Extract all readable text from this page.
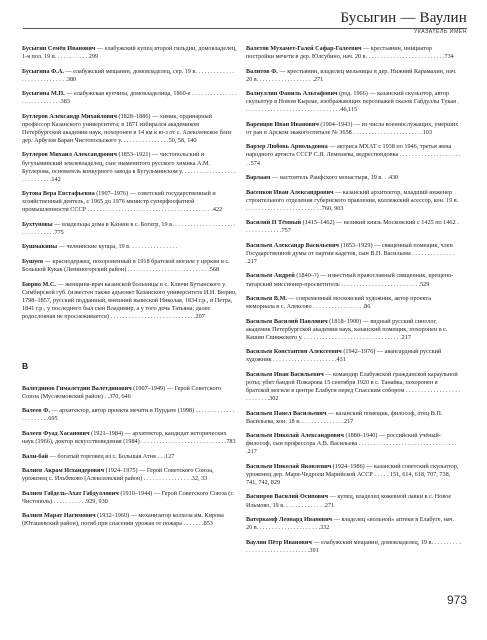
Бусыгин — Ваулин
УКАЗАТЕЛЬ ИМЕН
Бусыгин Семён Иванович — елабужский купец второй гильдии, домовладелец, 1-я пол. 19 в. . . . . . . . . . . 299
Бусыгина Ф.А. — елабужский мещанин, домовладелец, сер. 19 в. . . . . . . . . . . . . . . . . . . . . . . . . . . .380
Бусыгина М.П. — елабужская купчиха, домовладелица, 1860-е . . . . . . . . . . . . . . . . . . . . . . . . . . . .383
Бутлеров Александр Михайлович (1828–1886) — химик, ординарный профессор Казанского университета; в 1871 избирался академиком Петербургской академии наук, похоронен в 14 км к ю-з от с. Алексеевское близ дер. Арбузов Баран Чистопольского у. . . . . . . . . . . . . . . .50, 58, 140
Бутлеров Михаил Александрович (1853–1921) — чистопольский и бугульминский землевладелец, сын знаменитого русского химика А.М. Бутлерова, основатель конкурного завода в Бугульминском у. . . . . . . . . . . . . . . . . . . . . . . . . . . .142
Бутова Вера Евстафьевна (1907–1976) — советский государственный и хозяйственный деятель, с 1965 до 1976 министр суперфосфатной промышленности СССР . . . . . . . . . . . . . . . . . . . . . . . . . . . . . . . . . . . . . . . . .422
Бухтуновы — владельцы дома в Казани в с. Богатр, 19 в. . . . . . . . . . . . . . . . . . . . . . . . . . . . . . . .775
Бушмакины — челнинские купцы, 19 в. . . . . . . . . . . . . . . .
Бушуев — краснодержец, похороненный в 1918 братской могиле у церкви в с. Большой Кукак (Лениногорский район) . . . . . . . . . . . . . . . . . . . . . . . . . . .568
Бюрио М.С. — женщина-врач казанской больницы в с. Ключи Бутынского у. Симбирской губ. (известен также адъюнкт Казанского университета И.И. Бюрио, 1798–1857, русский подданный, внешний вывеской Николая, 1834 г.р., и Петра, 1841 г.р., у последнего был сын Владимир, а у того дочь Татьяна; далее родословная не прослеживается) . . . . . . . . . . . . . . . . . . . . . . . . . . . .207
В
Валегдинов Гималетдин Валетдинович (1907–1949) — Герой Советского Союза (Муслюмовский район) . .370, 646
Валеев Ф. — архитектор, автор проекта мечети в Пурдате (1998) . . . . . . . . . . . . . . . . . . . . . .695
Валеев Фуад Хасанович (1921–1984) — архитектор, кандидат исторических наук (1966), доктор искусствоведения (1984) . . . . . . . . . . . . . . . . . . . . . . . . . . . .783
Вали-бай — богатый торговец из с. Большая Атня . . .127
Валиев Акрам Исхандерович (1924–1975) — Герой Советского Союза, уроженец с. Ильбеково (Алексеевский район) . . . . . . . . . . . . . . . .32, 33
Валиев Габдель-Ахат Габдуллович (1910–1944) — Герой Советского Союза (г. Чистополь) . . . . . . . . . . .929, 930
Валиев Марат Нагимович (1932–1960) — механизатор колхоза им. Кирова (Юташевский район), погиб при спасении урожая от пожара . . . . . . .853
Валетов Мухамет-Галей Сафар-Галеевич — крестьянин, инициатор постройки мечети в дер. Юлсубино, нач. 20 в. . . . . . . . . . . . . . . . . . . . . . . . . .734
Валитов Ф. — крестьянин, владелец мельницы в дер. Нижний Карамалин, нач. 20 в. . . . . . . . . . . . . . . . . . .271
Валиуллин Фаниль Альтафович (род. 1966) — казанский скульптор, автор скульптур в Новом Кырлае, изображающих персонажей сказок Габдуллы Тукая . . . . . . . . . . . . . . . . . . . . . . . . . . . . . . . .46,115
Варенцов Иван Иванович (1904–1943) — из числа военнослужащих, умерших от ран в Арском эвакогоспитале № 3658 . . . . . . . . . . . . . . . . . . . . . . .103
Варзер Любовь Арнольдовна — актриса МХАТ с 1938 по 1946, третья жена народного артиста СССР С.Я. Лемешева, ведреспондовка . . . . . . . . . . . . . . . . . . . . . .574
Варлаам — настоятель Раифского монастыря, 19 в. . .430
Васенков Иван Александрович — казанский архитектор, младший инженер строительного отделения губернского правления, коллежский асессор, кон. 19 в. . . . . . . . . . . . . . . . . . . . . . . . . .760, 903
Василий II Тёмный (1415–1462) — великий князь Московский с 1425 по 1462 . . . . . . . . . . . . .757
Васильев Александр Васильевич (1853–1929) — священный помещик, член Государственной думы от партии кадетов, сын В.П. Васильева . . . . . . . . . . . . . . .217
Васильев Андрей (1840–?) — известный православный священник, крещено-татарский миссионер-просветитель . . . . . . . . . . . . . . . . . . . . . . . . . .529
Васильев В.М. — современный московский художник, автор проекта мемориала в с. Алексово . . . . . . . . . . . . . . . . .86
Васильев Василий Павлович (1818–1900) — видный русский синолог, академик Петербургской академии наук, казанский помещик, похоронен в с. Кашин Свияжского у. . . . . . . . . . . . . . . . . . . . . . . . . . . . . . . . .217
Васильев Константин Алексеевич (1942–1976) — авангардный русский художник . . . . . . . . . . . . . . . . . . . . .431
Васильев Иван Васильевич — командир Елабужской гражданской караульной роты; убит бандой Пожарова 15 сентября 1920 в с. Танайка, похоронен в братской могиле в центре Елабуги перед Спасским собором . . . . . . . . . . . . . . . . . . . . . . . . . .302
Васильев Павел Васильевич — казанский помещик, философ, отец В.П. Васильева, кон. 18 в. . . . . . . . . . . . . . .217
Васильев Николай Александрович (1880–1940) — российский учёный-философ, сын профессора А.В. Васильева . . . . . . . . . . . . . . . . . . . . . . . . . . . . . . . . .217
Васильев Николай Яковлевич (1924–1986) — казанский советский скульптор, уроженец дер. Мари-Чедроли Марийской АССР . . . . . 151, 614, 618, 707, 738, 741, 742, 829
Васинров Василий Осипович — купец, владелец кожевной лавки в с. Новое Ильмово, 19 в. . . . . . . . . . . . . .271
Ватеркамф Леонард Иванович — владелец «вольной» аптеки в Елабуге, нач. 20 в. . . . . . . . . . . . . . . . . . . . .332
Ваулин Пётр Иванович — елабужский мещанин, домовладелец, 19 в. . . . . . . . . . . . . . . . . . . . . . . . . . . . . . .391
973
